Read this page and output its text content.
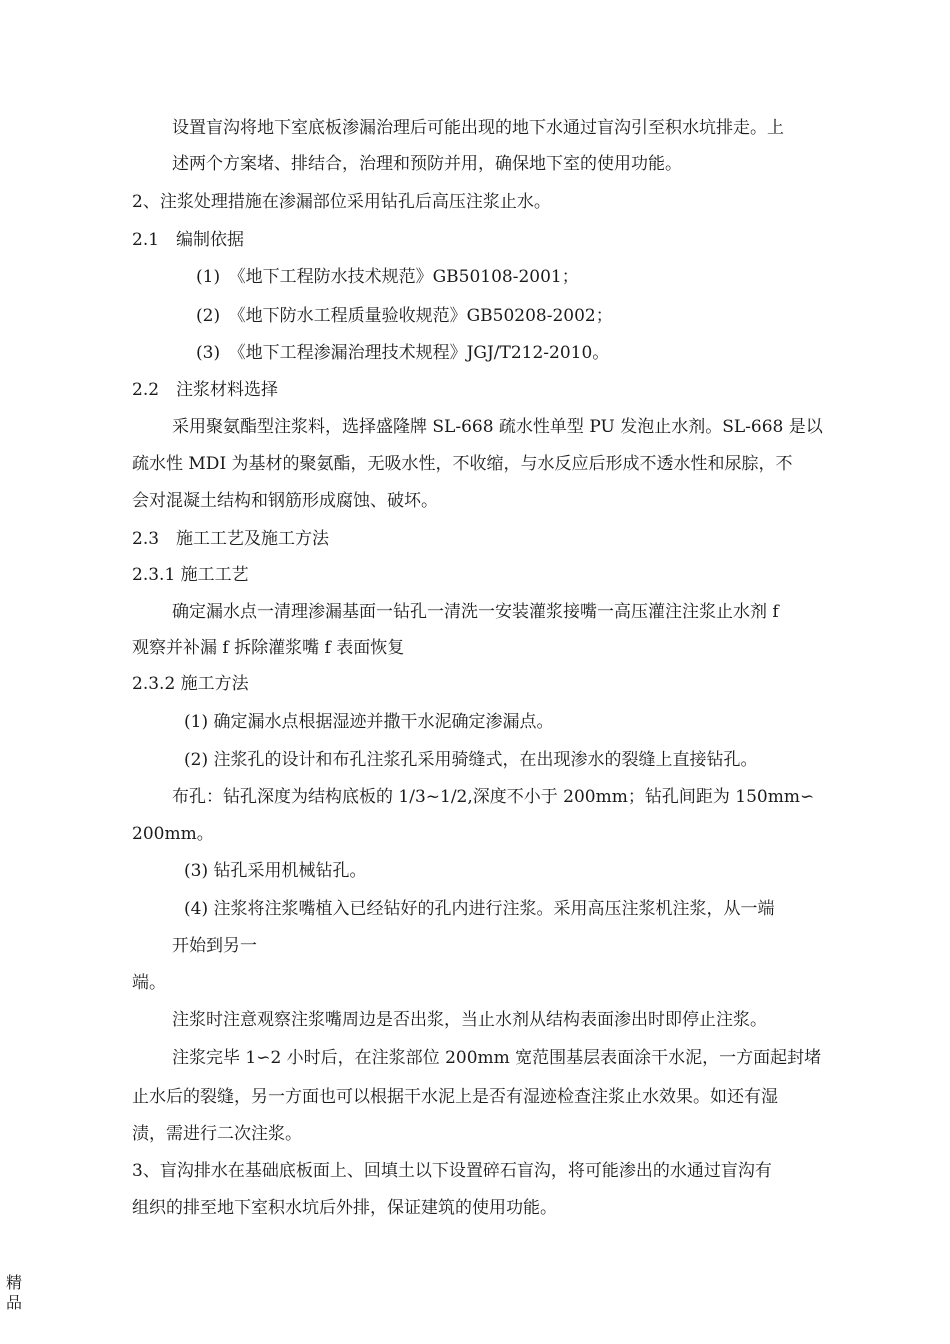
设置盲沟将地下室底板渗漏治理后可能出现的地下水通过盲沟引至积水坑排走。上

述两个方案堵、排结合，治理和预防并用，确保地下室的使用功能。

2、注浆处理措施在渗漏部位采用钻孔后高压注浆止水。

2.1　编制依据

(1)　《地下工程防水技术规范》GB50108-2001；

(2)　《地下防水工程质量验收规范》GB50208-2002；

(3)　《地下工程渗漏治理技术规程》JGJ/T212-2010。

2.2　注浆材料选择

采用聚氨酯型注浆料，选择盛隆牌 SL-668 疏水性单型 PU 发泡止水剂。SL-668 是以

疏水性 MDI 为基材的聚氨酯，无吸水性，不收缩，与水反应后形成不透水性和尿腙，不

会对混凝土结构和钢筋形成腐蚀、破坏。

2.3　施工工艺及施工方法

2.3.1 施工工艺

确定漏水点一清理渗漏基面一钻孔一清洗一安装灌浆接嘴一高压灌注注浆止水剂 f

观察并补漏 f 拆除灌浆嘴 f 表面恢复

2.3.2 施工方法

(1) 确定漏水点根据湿迹并撒干水泥确定渗漏点。

(2) 注浆孔的设计和布孔注浆孔采用骑缝式，在出现渗水的裂缝上直接钻孔。

布孔：钻孔深度为结构底板的 1/3~1/2,深度不小于 200mm；钻孔间距为 150mm∽

200mm。

(3) 钻孔采用机械钻孔。

(4) 注浆将注浆嘴植入已经钻好的孔内进行注浆。采用高压注浆机注浆，从一端

开始到另一

端。

注浆时注意观察注浆嘴周边是否出浆，当止水剂从结构表面渗出时即停止注浆。

注浆完毕 1∽2 小时后，在注浆部位 200mm 宽范围基层表面涂干水泥，一方面起封堵

止水后的裂缝，另一方面也可以根据干水泥上是否有湿迹检查注浆止水效果。如还有湿

渍，需进行二次注浆。

3、盲沟排水在基础底板面上、回填土以下设置碎石盲沟，将可能渗出的水通过盲沟有

组织的排至地下室积水坑后外排，保证建筑的使用功能。

精
品
